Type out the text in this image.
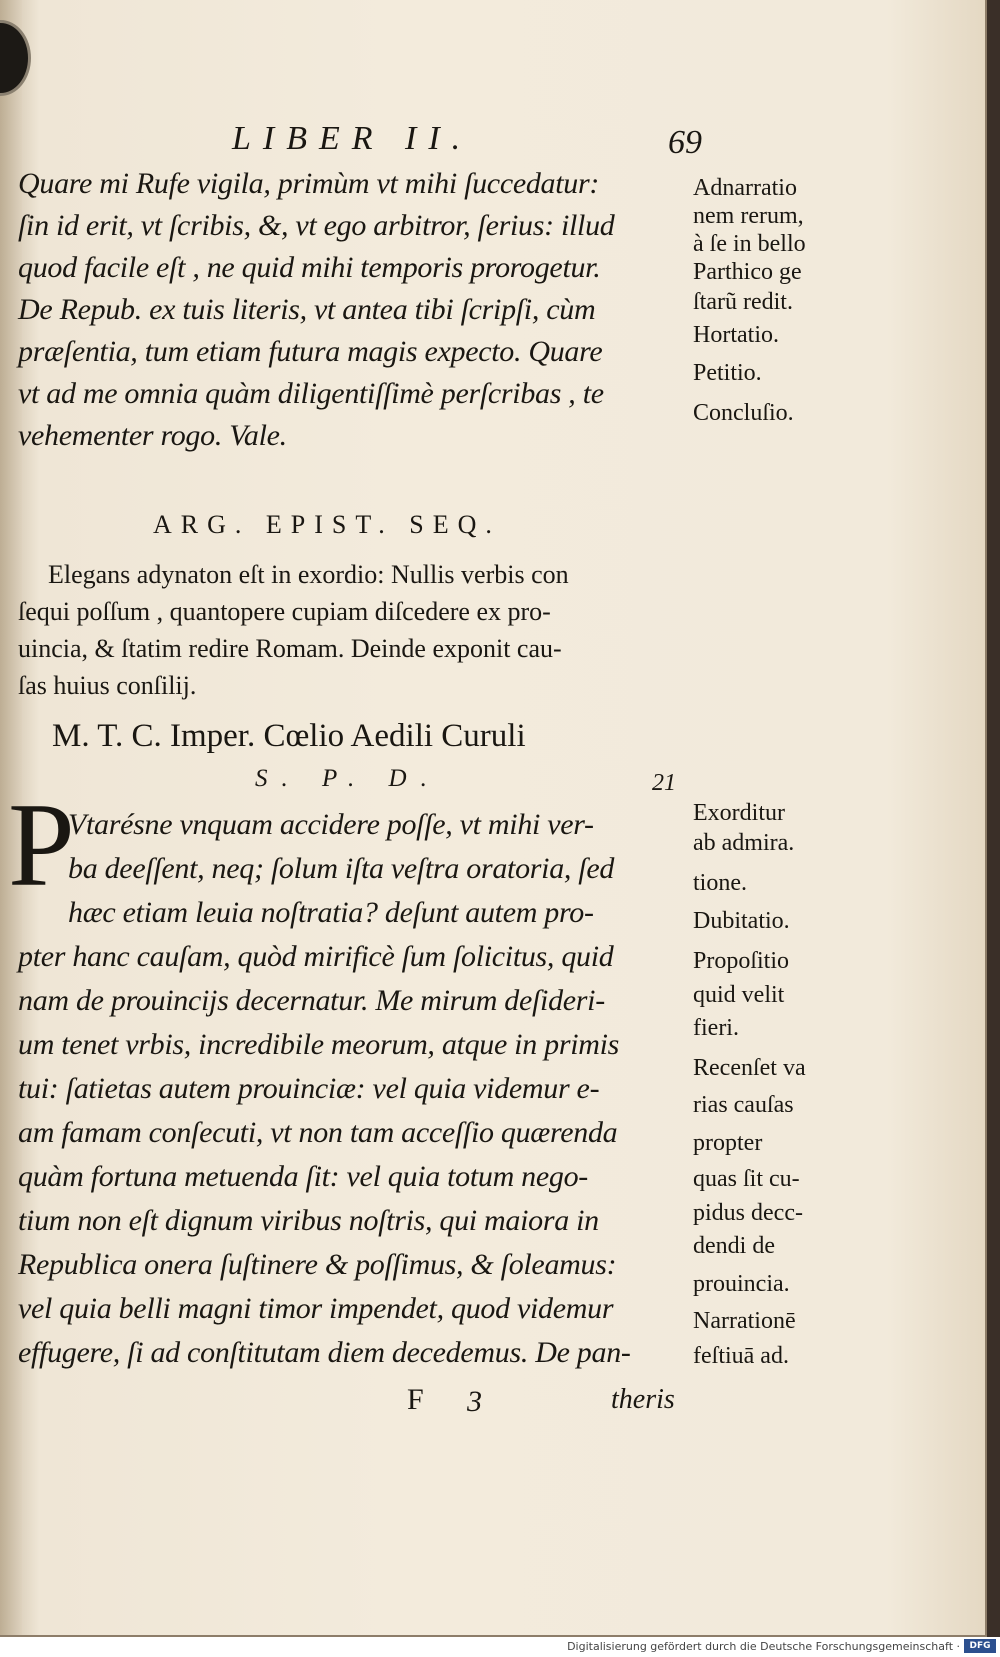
LIBER II.	69
Quare mi Rufe vigila, primùm vt mihi ſuccedatur:
ſin id erit, vt ſcribis, &, vt ego arbitror, ſerius: illud
quod facile eſt , ne quid mihi temporis prorogetur.
De Repub. ex tuis literis, vt antea tibi ſcripſi, cùm
præſentia, tum etiam futura magis expecto. Quare
vt ad me omnia quàm diligentiſſimè perſcribas , te
vehementer rogo. Vale.
Adnarratio
nem rerum,
à ſe in bello
Parthico ge
ſtarũ redit.
Hortatio.
Petitio.
Concluſio.
ARG. EPIST. SEQ.
Elegans adynaton eſt in exordio: Nullis verbis con
ſequi poſſum , quantopere cupiam diſcedere ex pro-
uincia, & ſtatim redire Romam. Deinde exponit cau-
ſas huius conſilij.
M. T. C. Imper. Cœlio Aedili Curuli
S. P. D.	21
P
Vtarésne vnquam accidere poſſe, vt mihi ver-
ba deeſſent, neq; ſolum iſta veſtra oratoria, ſed
hæc etiam leuia noſtratia? deſunt autem pro-
pter hanc cauſam, quòd mirificè ſum ſolicitus, quid
nam de prouincijs decernatur. Me mirum deſideri-
um tenet vrbis, incredibile meorum, atque in primis
tui: ſatietas autem prouinciæ: vel quia videmur e-
am famam conſecuti, vt non tam acceſſio quærenda
quàm fortuna metuenda ſit: vel quia totum nego-
tium non eſt dignum viribus noſtris, qui maiora in
Republica onera ſuſtinere & poſſimus, & ſoleamus:
vel quia belli magni timor impendet, quod videmur
effugere, ſi ad conſtitutam diem decedemus. De pan-
Exorditur
ab admira.
tione.
Dubitatio.
Propoſitio
quid velit
fieri.
Recenſet va
rias cauſas
propter
quas ſit cu-
pidus decc-
dendi de
prouincia.
Narrationē
feſtiuā ad.
F 3	theris
Digitalisierung gefördert durch die Deutsche Forschungsgemeinschaft ·	DFG
